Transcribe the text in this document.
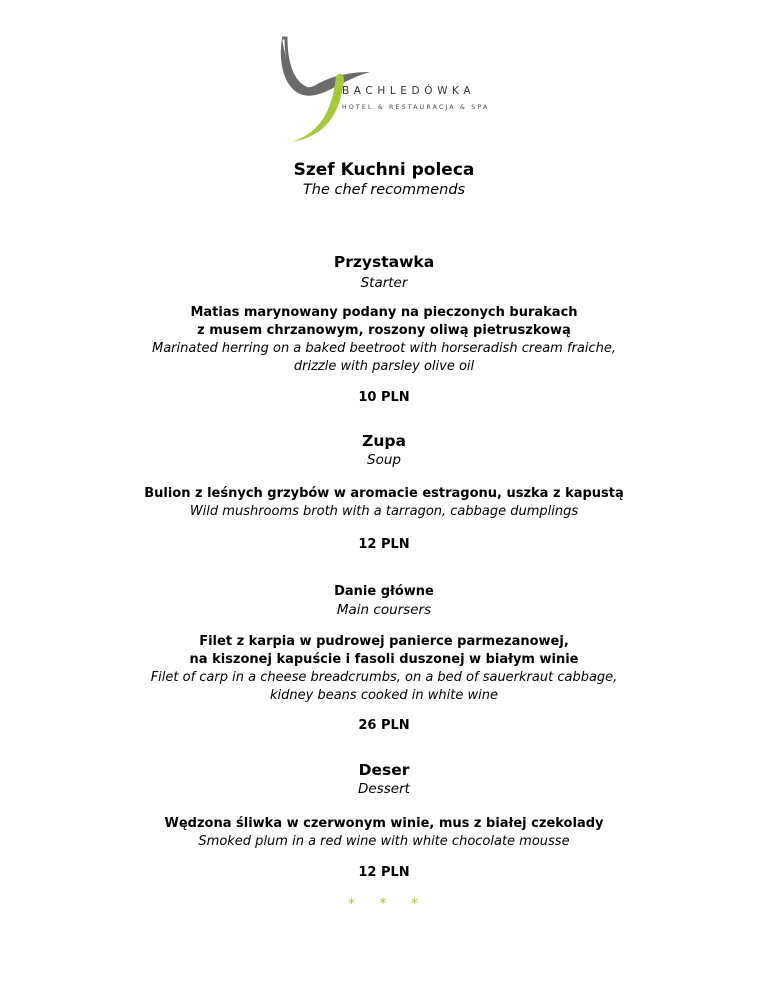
BACHLEDÓWKA
HOTEL & RESTAURACJA & SPA
Szef Kuchni poleca
The chef recommends
Przystawka
Starter
Matias marynowany podany na pieczonych burakach
z musem chrzanowym, roszony oliwą pietruszkową
Marinated herring on a baked beetroot with horseradish cream fraiche,
drizzle with parsley olive oil
10 PLN
Zupa
Soup
Bulion z leśnych grzybów w aromacie estragonu, uszka z kapustą
Wild mushrooms broth with a tarragon, cabbage dumplings
12 PLN
Danie główne
Main coursers
Filet z karpia w pudrowej panierce parmezanowej,
na kiszonej kapuście i fasoli duszonej w białym winie
Filet of carp in a cheese breadcrumbs, on a bed of sauerkraut cabbage,
kidney beans cooked in white wine
26 PLN
Deser
Dessert
Wędzona śliwka w czerwonym winie, mus z białej czekolady
Smoked plum in a red wine with white chocolate mousse
12 PLN
* * *
